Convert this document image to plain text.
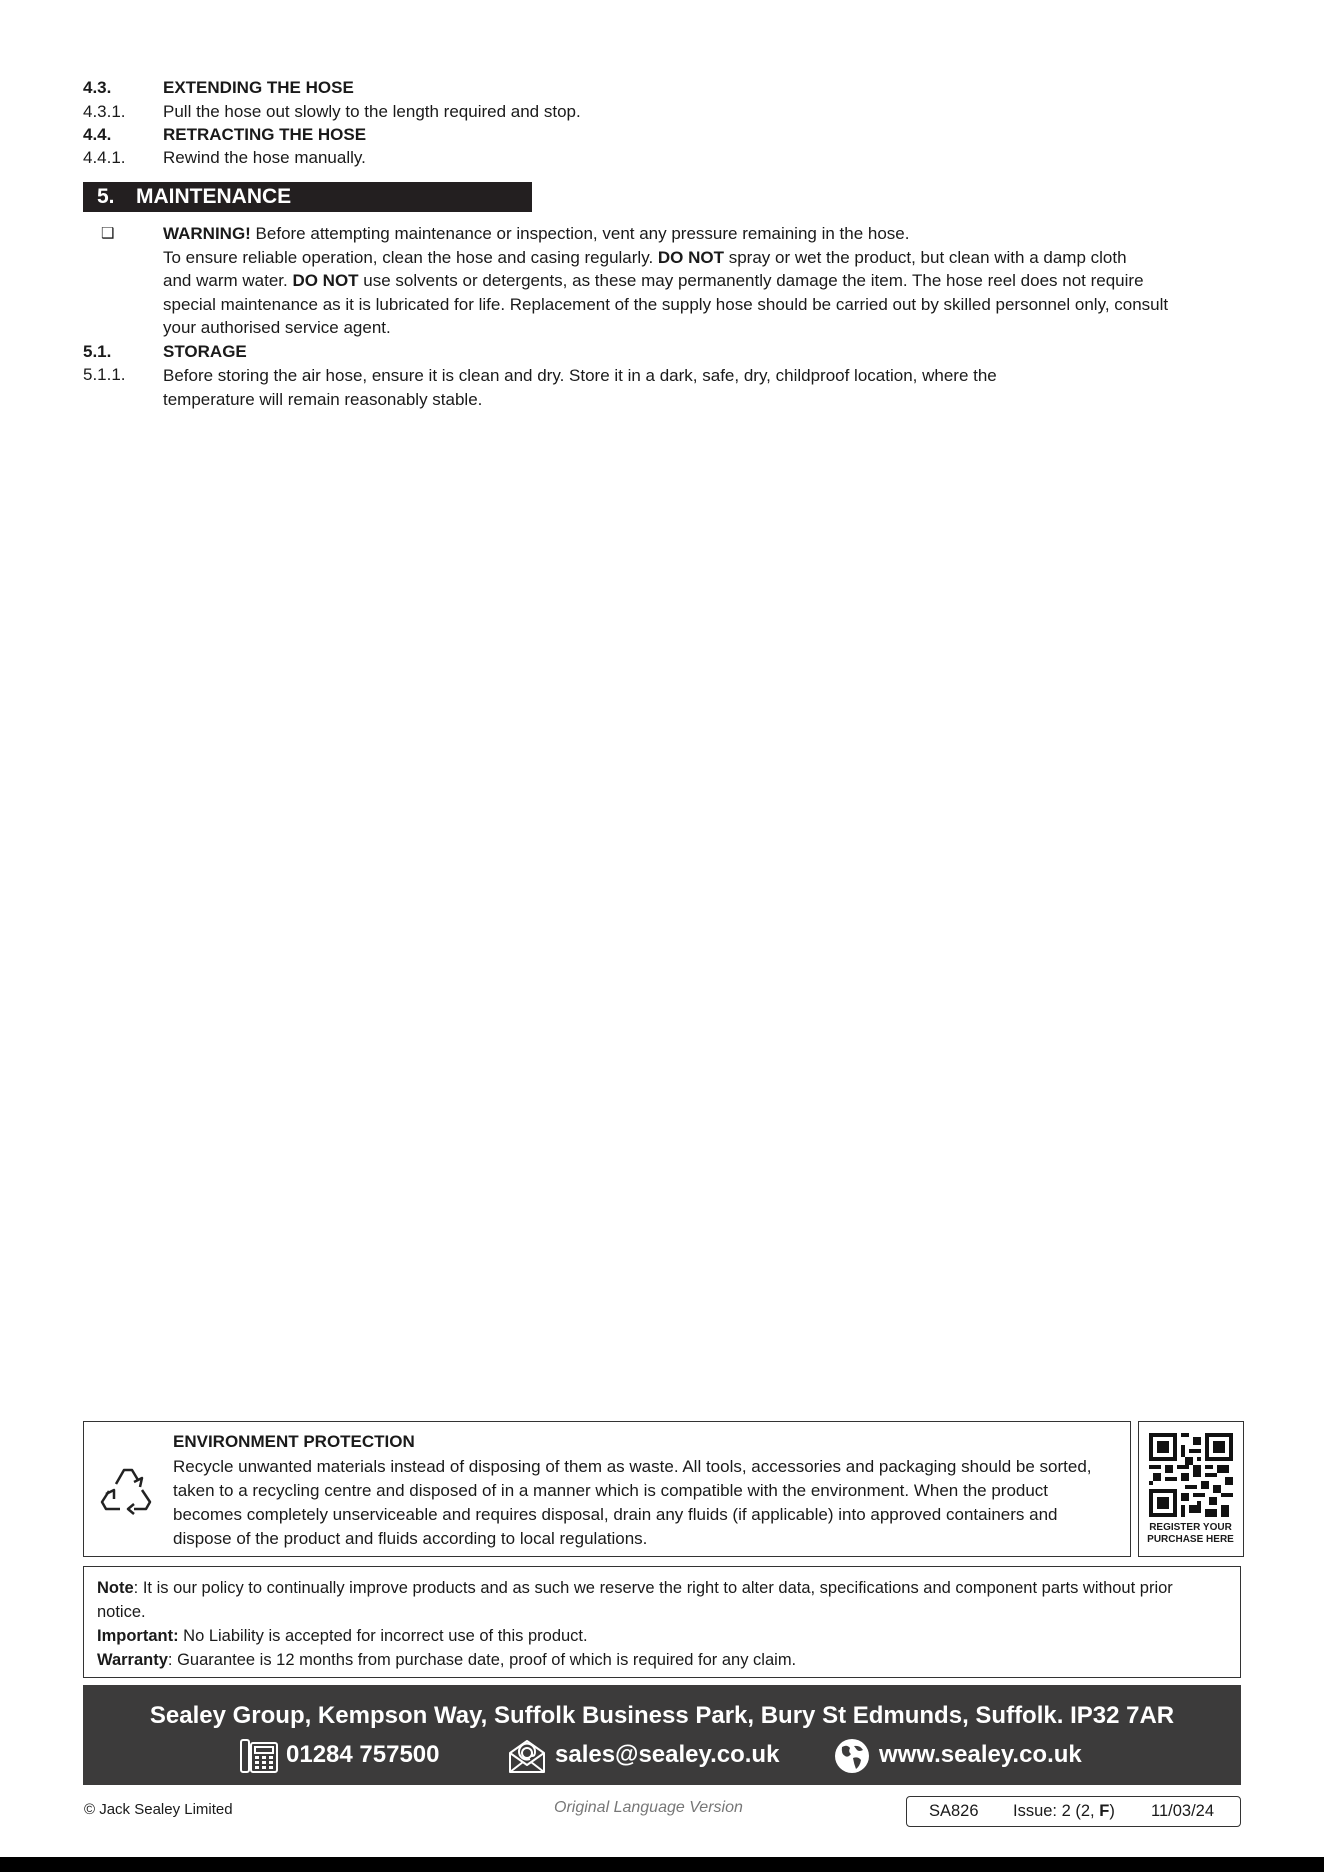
4.3.	EXTENDING THE HOSE
4.3.1. Pull the hose out slowly to the length required and stop.
4.4.	RETRACTING THE HOSE
4.4.1. Rewind the hose manually.
5. MAINTENANCE
❑	WARNING! Before attempting maintenance or inspection, vent any pressure remaining in the hose.
To ensure reliable operation, clean the hose and casing regularly. DO NOT spray or wet the product, but clean with a damp cloth
and warm water. DO NOT use solvents or detergents, as these may permanently damage the item. The hose reel does not require
special maintenance as it is lubricated for life. Replacement of the supply hose should be carried out by skilled personnel only, consult
your authorised service agent.
5.1.	STORAGE
5.1.1. Before storing the air hose, ensure it is clean and dry. Store it in a dark, safe, dry, childproof location, where the
temperature will remain reasonably stable.
ENVIRONMENT PROTECTION
Recycle unwanted materials instead of disposing of them as waste. All tools, accessories and packaging should be sorted,
taken to a recycling centre and disposed of in a manner which is compatible with the environment. When the product
becomes completely unserviceable and requires disposal, drain any fluids (if applicable) into approved containers and
dispose of the product and fluids according to local regulations.
REGISTER YOUR
PURCHASE HERE
Note: It is our policy to continually improve products and as such we reserve the right to alter data, specifications and component parts without prior
notice.
Important: No Liability is accepted for incorrect use of this product.
Warranty: Guarantee is 12 months from purchase date, proof of which is required for any claim.
Sealey Group, Kempson Way, Suffolk Business Park, Bury St Edmunds, Suffolk. IP32 7AR
01284 757500	sales@sealey.co.uk	www.sealey.co.uk
© Jack Sealey Limited	Original Language Version	SA826 Issue: 2 (2, F) 11/03/24
